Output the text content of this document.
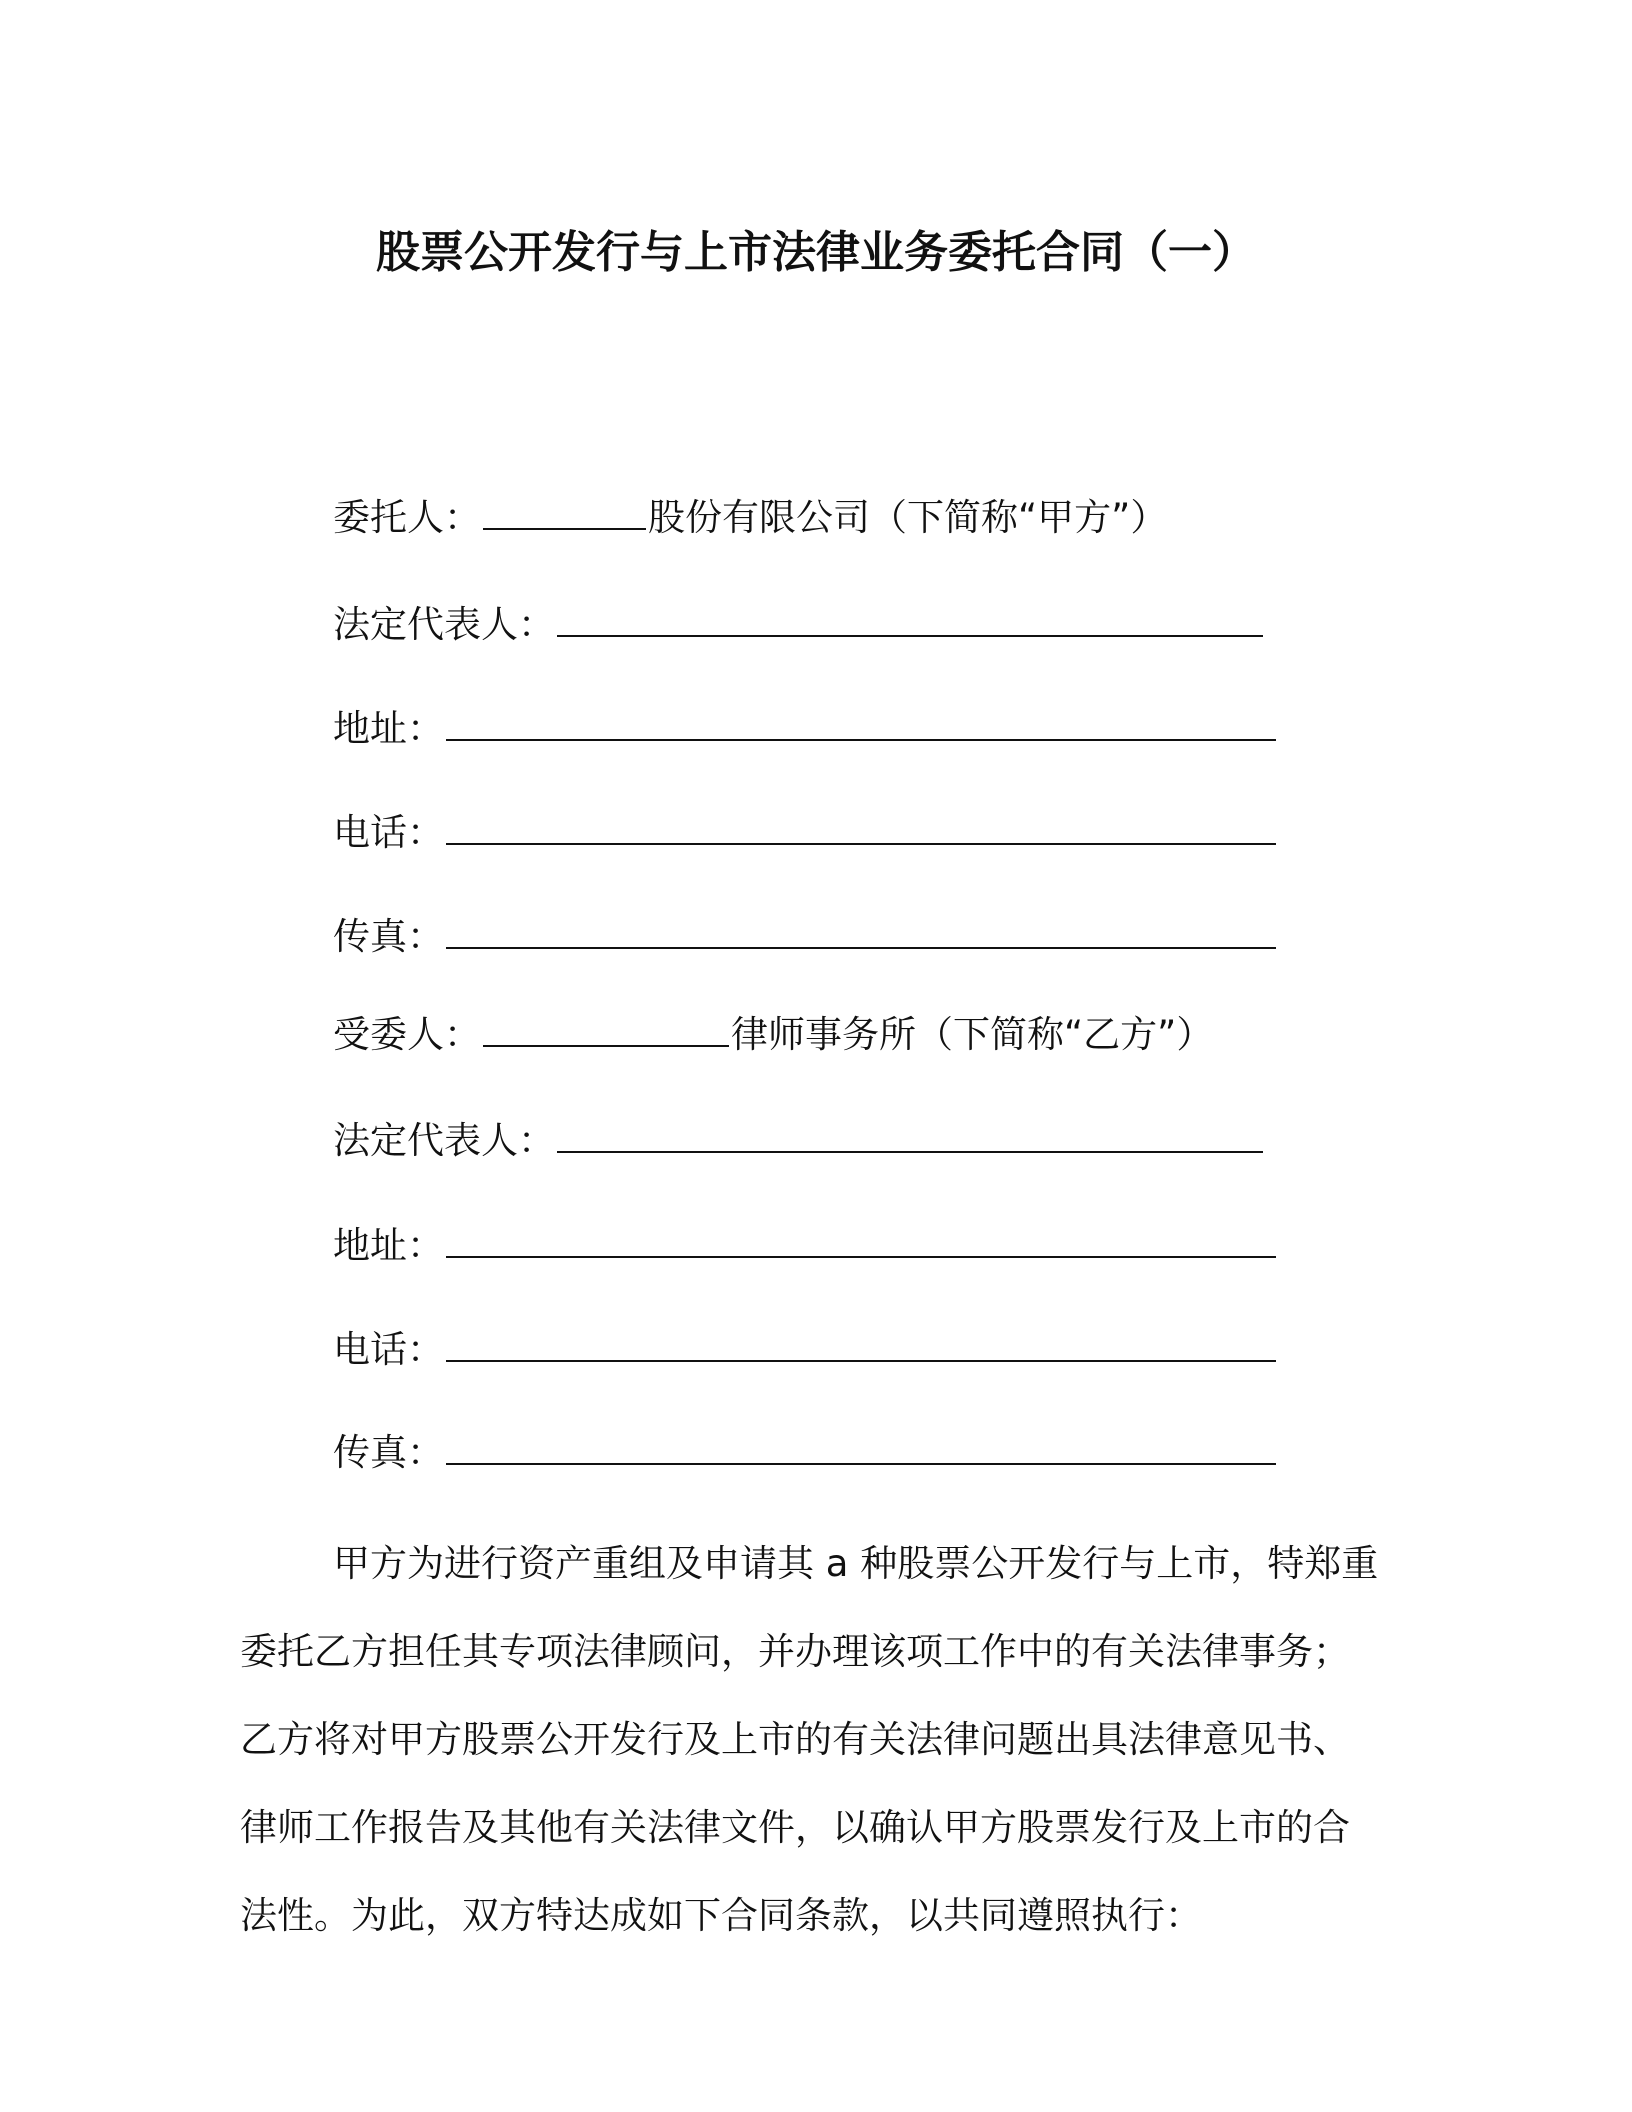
股票公开发行与上市法律业务委托合同（一）
委托人：	股份有限公司（下简称“甲方”）
法定代表人：
地址：
电话：
传真：
受委人：	律师事务所（下简称“乙方”）
法定代表人：
地址：
电话：
传真：
甲方为进行资产重组及申请其 a 种股票公开发行与上市，特郑重
委托乙方担任其专项法律顾问，并办理该项工作中的有关法律事务；
乙方将对甲方股票公开发行及上市的有关法律问题出具法律意见书、
律师工作报告及其他有关法律文件，以确认甲方股票发行及上市的合
法性。为此，双方特达成如下合同条款，以共同遵照执行：
